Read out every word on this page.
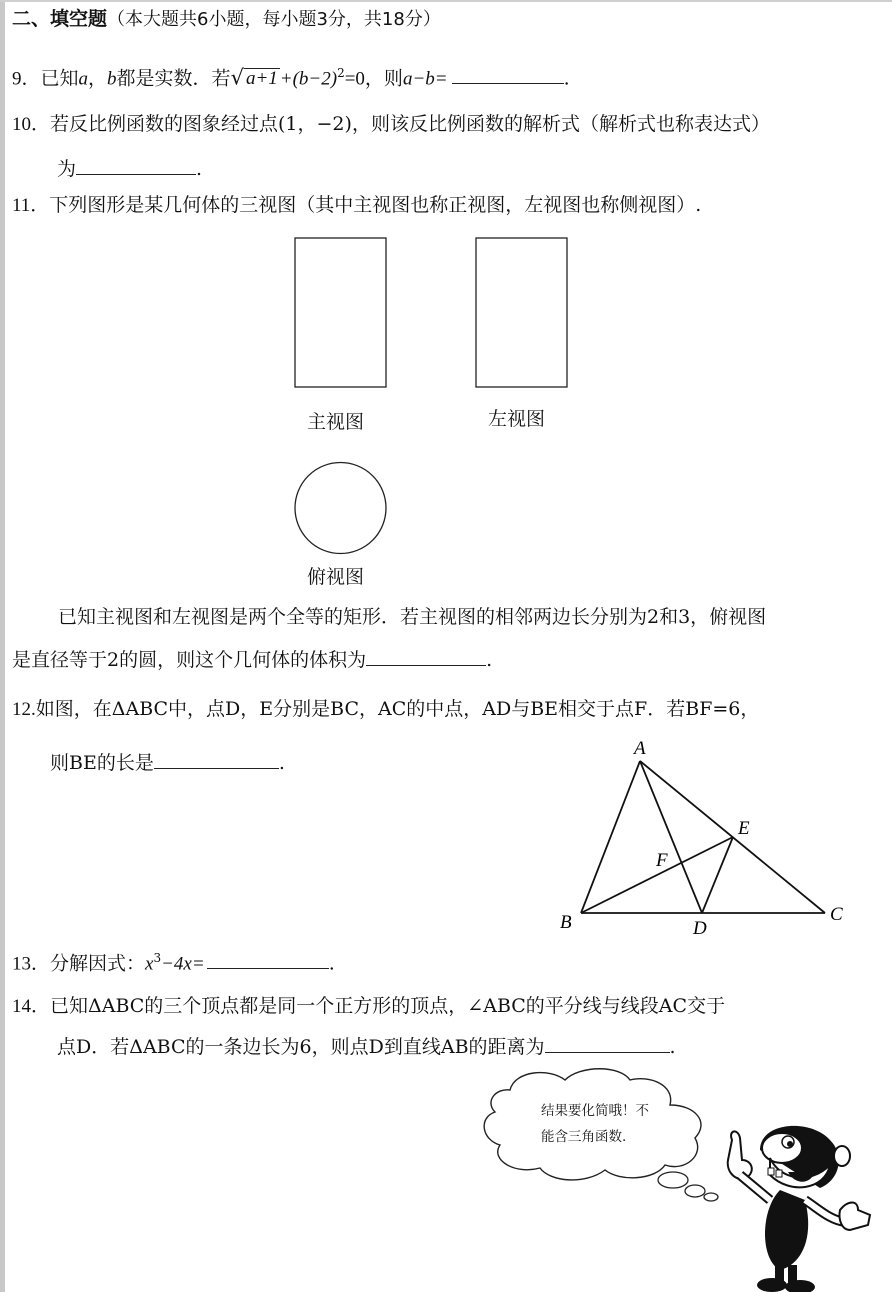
二、填空题（本大题共6小题，每小题3分，共18分）
9．已知a，b都是实数．若√ $a+1 +(b-2)^2=0$，则a−b=	.
10．若反比例函数的图象经过点(1，−2)，则该反比例函数的解析式（解析式也称表达式）
为	.
11．下列图形是某几何体的三视图（其中主视图也称正视图，左视图也称侧视图）.
主视图	左视图
俯视图
已知主视图和左视图是两个全等的矩形．若主视图的相邻两边长分别为2和3，俯视图
是直径等于2的圆，则这个几何体的体积为	.
12.如图，在ΔABC中，点D，E分别是BC，AC的中点，AD与BE相交于点F．若BF=6，
则BE的长是	.
A
B	C
D
E
F
13．分解因式：$x^3-4x=$	.
14．已知ΔABC的三个顶点都是同一个正方形的顶点，∠ABC的平分线与线段AC交于
点D．若ΔABC的一条边长为6，则点D到直线AB的距离为	.
结果要化简哦！不
能含三角函数.
